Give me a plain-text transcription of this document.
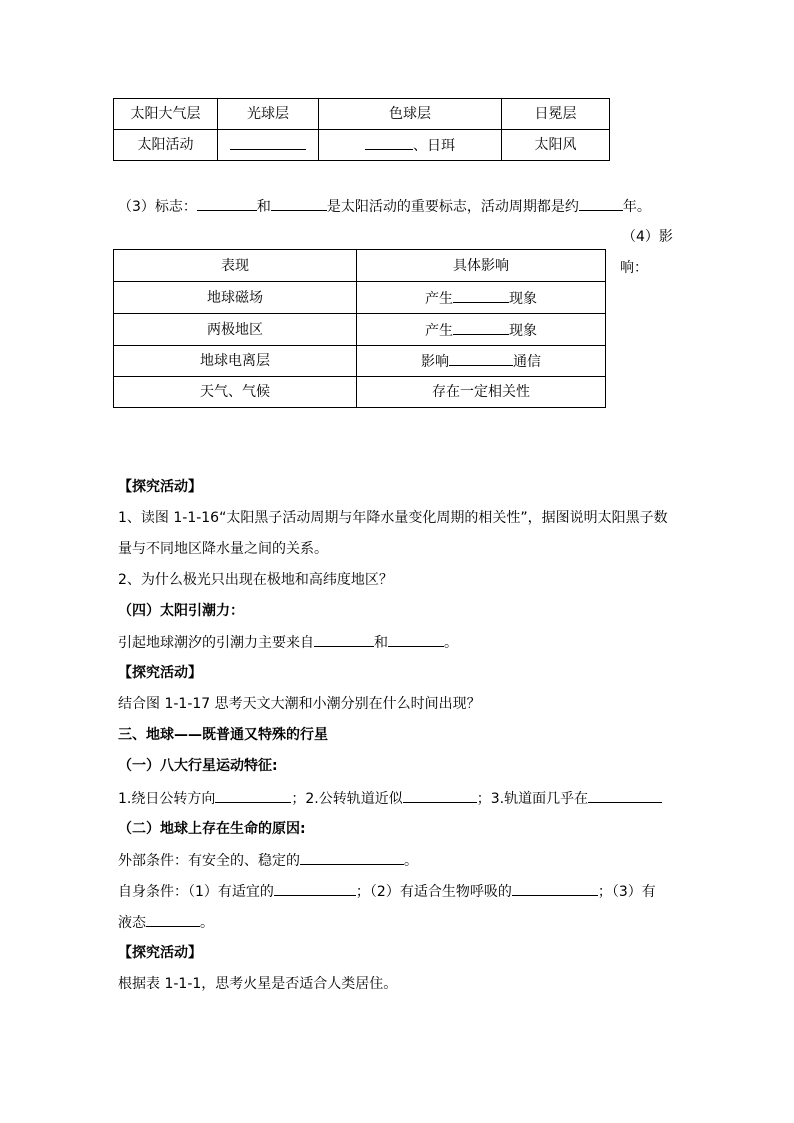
太阳大气层	光球层	色球层	日冕层
太阳活动		、日珥	太阳风
（3）标志：	和	是太阳活动的重要标志，活动周期都是约	年。
（4）影
响：
表现	具体影响
地球磁场	产生 现象
两极地区	产生 现象
地球电离层	影响 通信
天气、气候	存在一定相关性
【探究活动】
1、读图 1-1-16“太阳黑子活动周期与年降水量变化周期的相关性”，据图说明太阳黑子数
量与不同地区降水量之间的关系。
2、为什么极光只出现在极地和高纬度地区？
（四）太阳引潮力：
引起地球潮汐的引潮力主要来自	和	。
【探究活动】
结合图 1-1-17 思考天文大潮和小潮分别在什么时间出现？
三、地球——既普通又特殊的行星
（一）八大行星运动特征:
1.绕日公转方向	；2.公转轨道近似	；3.轨道面几乎在
（二）地球上存在生命的原因:
外部条件：有安全的、稳定的	。
自身条件：（1）有适宜的	；（2）有适合生物呼吸的	；（3）有
液态	。
【探究活动】
根据表 1-1-1，思考火星是否适合人类居住。
